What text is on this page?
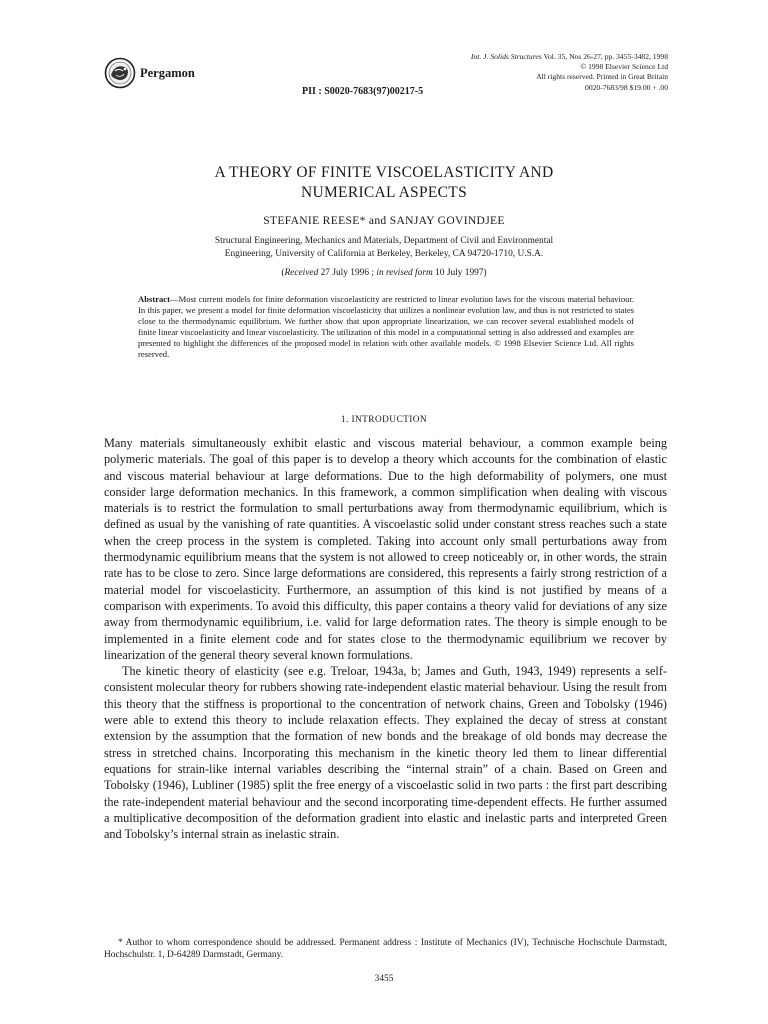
Pergamon
Int. J. Solids Structures Vol. 35, Nos 26-27, pp. 3455-3482, 1998
© 1998 Elsevier Science Ltd
All rights reserved. Printed in Great Britain
0020-7683/98 $19.00 + .00
PII : S0020-7683(97)00217-5
A THEORY OF FINITE VISCOELASTICITY AND
NUMERICAL ASPECTS
STEFANIE REESE* and SANJAY GOVINDJEE
Structural Engineering, Mechanics and Materials, Department of Civil and Environmental
Engineering, University of California at Berkeley, Berkeley, CA 94720-1710, U.S.A.
(Received 27 July 1996 ; in revised form 10 July 1997)
Abstract—Most current models for finite deformation viscoelasticity are restricted to linear evolution laws for the viscous material behaviour. In this paper, we present a model for finite deformation viscoelasticity that utilizes a nonlinear evolution law, and thus is not restricted to states close to the thermodynamic equilibrium. We further show that upon appropriate linearization, we can recover several established models of finite linear viscoelasticity and linear viscoelasticity. The utilization of this model in a computational setting is also addressed and examples are presented to highlight the differences of the proposed model in relation with other available models. © 1998 Elsevier Science Ltd. All rights reserved.
1. INTRODUCTION

Many materials simultaneously exhibit elastic and viscous material behaviour, a common example being polymeric materials. The goal of this paper is to develop a theory which accounts for the combination of elastic and viscous material behaviour at large deformations. Due to the high deformability of polymers, one must consider large deformation mechanics. In this framework, a common simplification when dealing with viscous materials is to restrict the formulation to small perturbations away from thermodynamic equilibrium, which is defined as usual by the vanishing of rate quantities. A viscoelastic solid under constant stress reaches such a state when the creep process in the system is completed. Taking into account only small perturbations away from thermodynamic equilibrium means that the system is not allowed to creep noticeably or, in other words, the strain rate has to be close to zero. Since large deformations are considered, this represents a fairly strong restriction of a material model for viscoelasticity. Furthermore, an assumption of this kind is not justified by means of a comparison with experiments. To avoid this difficulty, this paper contains a theory valid for deviations of any size away from thermodynamic equilibrium, i.e. valid for large deformation rates. The theory is simple enough to be implemented in a finite element code and for states close to the thermodynamic equilibrium we recover by linearization of the general theory several known formulations.

The kinetic theory of elasticity (see e.g. Treloar, 1943a, b; James and Guth, 1943, 1949) represents a self-consistent molecular theory for rubbers showing rate-independent elastic material behaviour. Using the result from this theory that the stiffness is proportional to the concentration of network chains, Green and Tobolsky (1946) were able to extend this theory to include relaxation effects. They explained the decay of stress at constant extension by the assumption that the formation of new bonds and the breakage of old bonds may decrease the stress in stretched chains. Incorporating this mechanism in the kinetic theory led them to linear differential equations for strain-like internal variables describing the “internal strain” of a chain. Based on Green and Tobolsky (1946), Lubliner (1985) split the free energy of a viscoelastic solid in two parts : the first part describing the rate-independent material behaviour and the second incorporating time-dependent effects. He further assumed a multiplicative decomposition of the deformation gradient into elastic and inelastic parts and interpreted Green and Tobolsky’s internal strain as inelastic strain.

* Author to whom correspondence should be addressed. Permanent address : Institute of Mechanics (IV), Technische Hochschule Darmstadt, Hochschulstr. 1, D-64289 Darmstadt, Germany.
3455
